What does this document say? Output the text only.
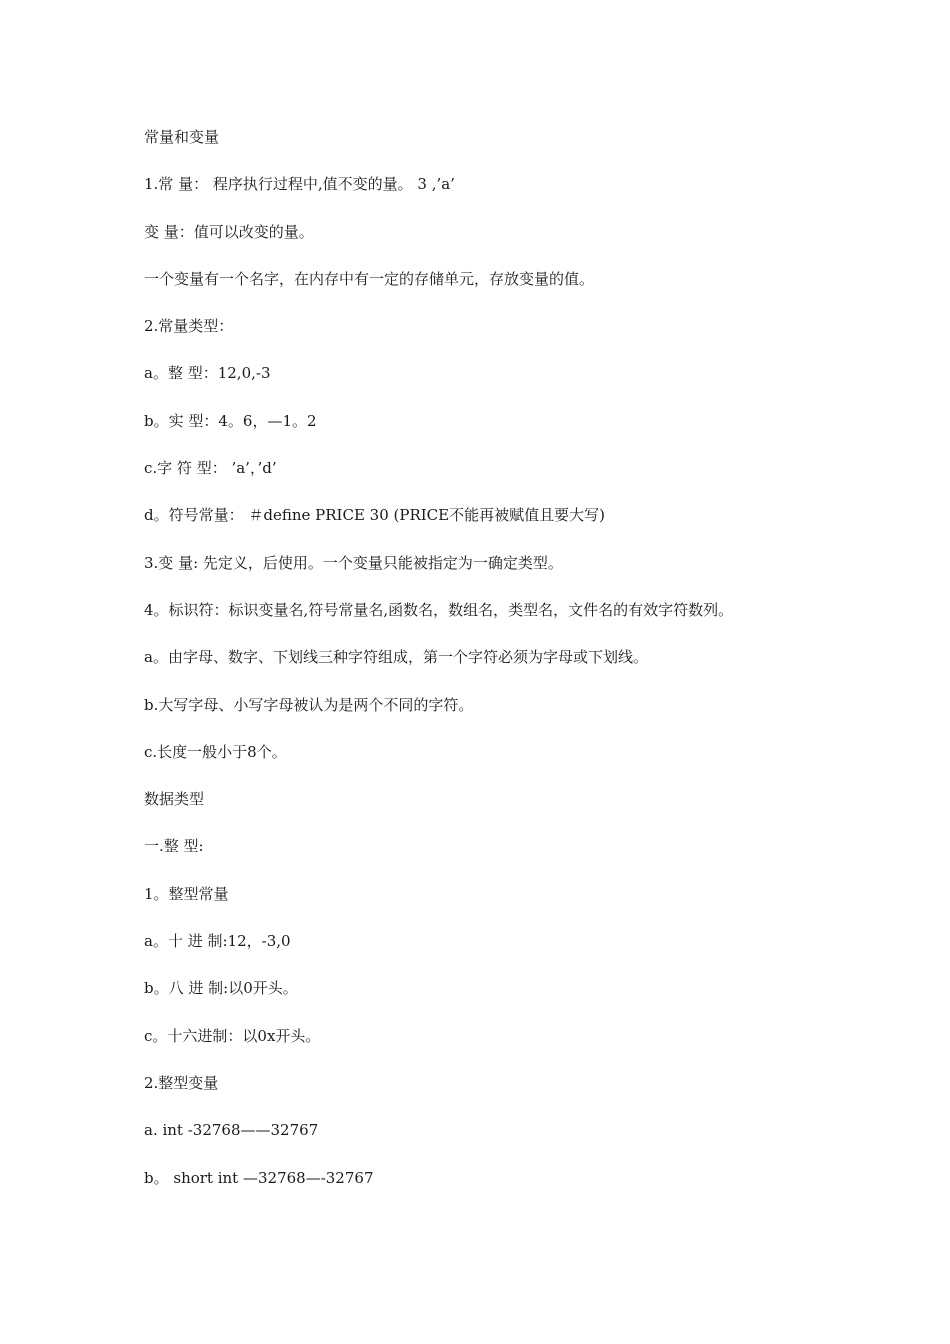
常量和变量

1.常 量： 程序执行过程中,值不变的量。 3 ,’a’

变 量：值可以改变的量。

一个变量有一个名字，在内存中有一定的存储单元，存放变量的值。

2.常量类型：

a。整 型：12,0,-3

b。实 型：4。6，—1。2

c.字 符 型： ’a’，’d’

d。符号常量： ＃define PRICE 30 (PRICE不能再被赋值且要大写)

3.变 量: 先定义，后使用。一个变量只能被指定为一确定类型。

4。标识符：标识变量名,符号常量名,函数名，数组名，类型名，文件名的有效字符数列。

a。由字母、数字、下划线三种字符组成，第一个字符必须为字母或下划线。

b.大写字母、小写字母被认为是两个不同的字符。

c.长度一般小于8个。

数据类型

一.整 型:

1。整型常量

a。十 进 制:12，-3,0

b。八 进 制:以0开头。

c。十六进制：以0x开头。

2.整型变量

a. int -32768——32767

b。 short int —32768—-32767
